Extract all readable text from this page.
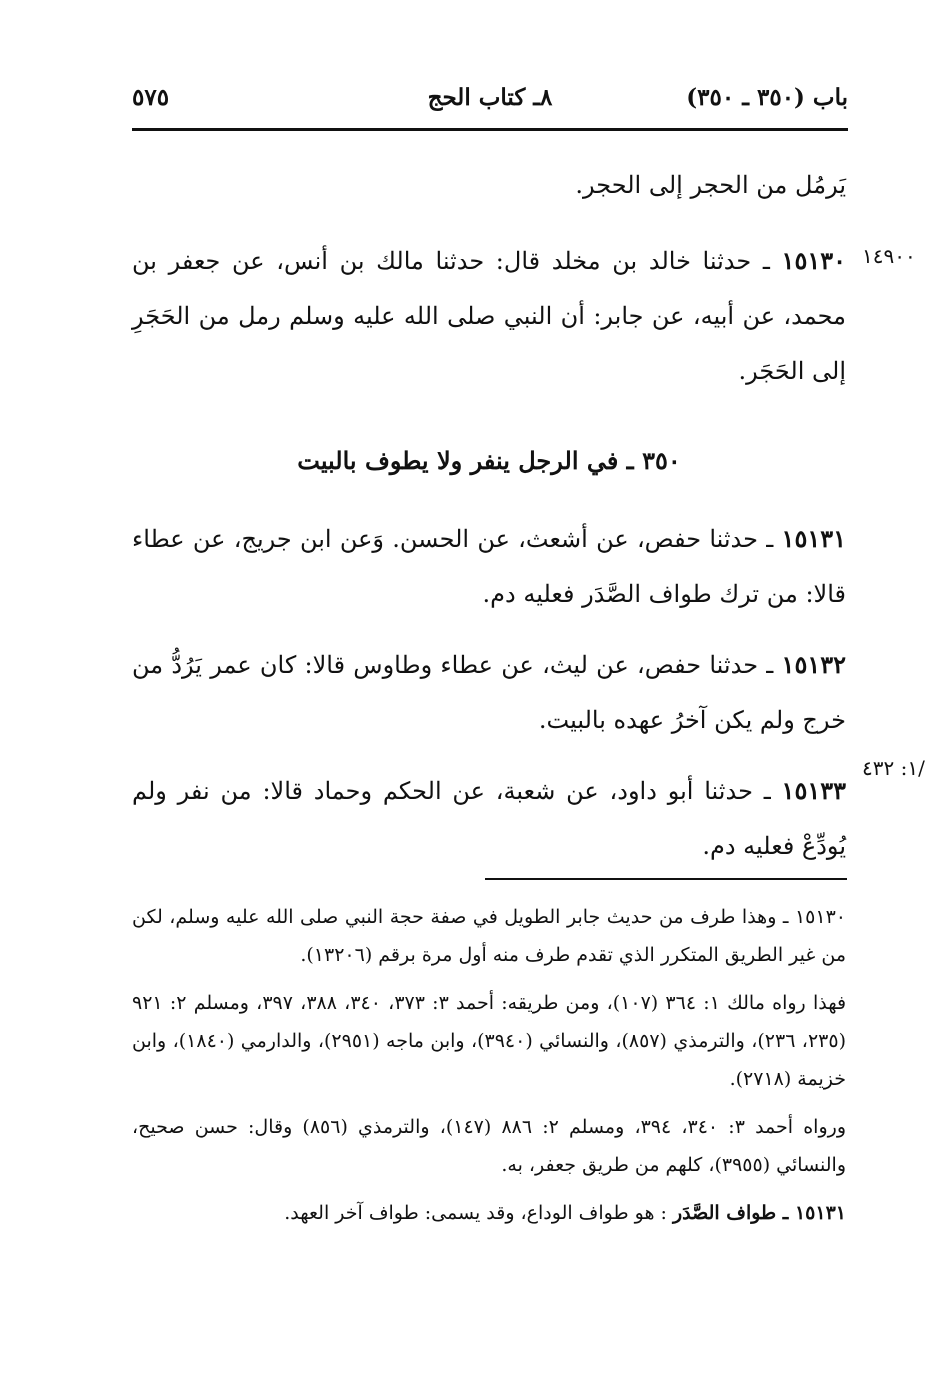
باب (٣٥٠ ـ ٣٥٠)
٨ـ كتاب الحج
٥٧٥
١٤٩٠٠
/١: ٤٣٢

يَرمُل من الحجر إلى الحجر.

١٥١٣٠ ـ حدثنا خالد بن مخلد قال: حدثنا مالك بن أنس، عن جعفر بن محمد، عن أبيه، عن جابر: أن النبي صلى الله عليه وسلم رمل من الحَجَرِ إلى الحَجَر.

٣٥٠ ـ في الرجل ينفر ولا يطوف بالبيت

١٥١٣١ ـ حدثنا حفص، عن أشعث، عن الحسن. وَعن ابن جريج، عن عطاء قالا: من ترك طواف الصَّدَر فعليه دم.

١٥١٣٢ ـ حدثنا حفص، عن ليث، عن عطاء وطاوس قالا: كان عمر يَرُدُّ من خرج ولم يكن آخرُ عهده بالبيت.

١٥١٣٣ ـ حدثنا أبو داود، عن شعبة، عن الحكم وحماد قالا: من نفر ولم يُودِّعْ فعليه دم.

١٥١٣٠ ـ وهذا طرف من حديث جابر الطويل في صفة حجة النبي صلى الله عليه وسلم، لكن من غير الطريق المتكرر الذي تقدم طرف منه أول مرة برقم (١٣٢٠٦).

فهذا رواه مالك ١: ٣٦٤ (١٠٧)، ومن طريقه: أحمد ٣: ٣٧٣، ٣٤٠، ٣٨٨، ٣٩٧، ومسلم ٢: ٩٢١ (٢٣٥، ٢٣٦)، والترمذي (٨٥٧)، والنسائي (٣٩٤٠)، وابن ماجه (٢٩٥١)، والدارمي (١٨٤٠)، وابن خزيمة (٢٧١٨).

ورواه أحمد ٣: ٣٤٠، ٣٩٤، ومسلم ٢: ٨٨٦ (١٤٧)، والترمذي (٨٥٦) وقال: حسن صحيح، والنسائي (٣٩٥٥)، كلهم من طريق جعفر، به.

١٥١٣١ ـ طواف الصَّدَر : هو طواف الوداع، وقد يسمى: طواف آخر العهد.
